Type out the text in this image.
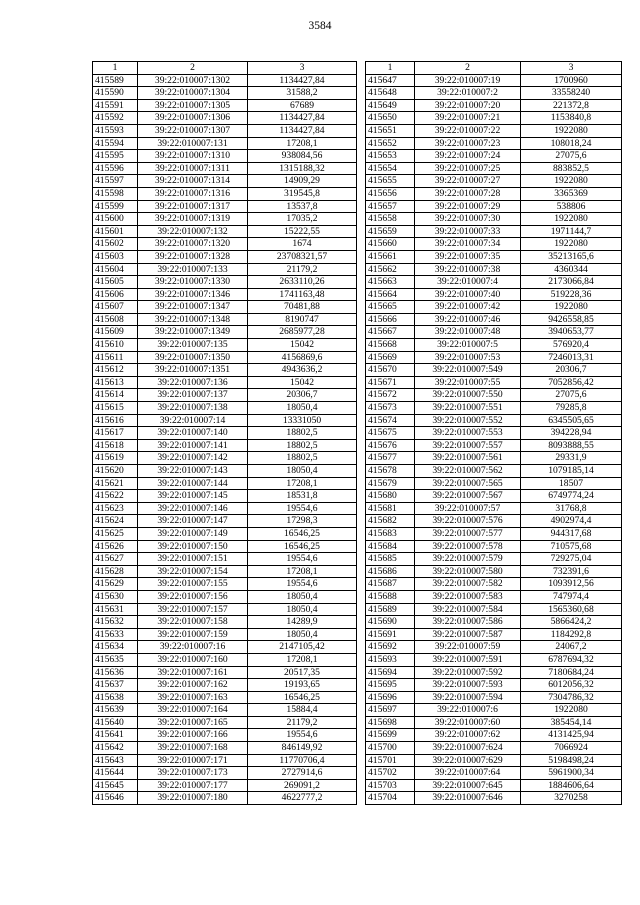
3584
1	2	3
415589	39:22:010007:1302	1134427,84
415590	39:22:010007:1304	31588,2
415591	39:22:010007:1305	67689
415592	39:22:010007:1306	1134427,84
415593	39:22:010007:1307	1134427,84
415594	39:22:010007:131	17208,1
415595	39:22:010007:1310	938084,56
415596	39:22:010007:1311	1315188,32
415597	39:22:010007:1314	14909,29
415598	39:22:010007:1316	319545,8
415599	39:22:010007:1317	13537,8
415600	39:22:010007:1319	17035,2
415601	39:22:010007:132	15222,55
415602	39:22:010007:1320	1674
415603	39:22:010007:1328	23708321,57
415604	39:22:010007:133	21179,2
415605	39:22:010007:1330	2633110,26
415606	39:22:010007:1346	1741163,48
415607	39:22:010007:1347	70481,88
415608	39:22:010007:1348	8190747
415609	39:22:010007:1349	2685977,28
415610	39:22:010007:135	15042
415611	39:22:010007:1350	4156869,6
415612	39:22:010007:1351	4943636,2
415613	39:22:010007:136	15042
415614	39:22:010007:137	20306,7
415615	39:22:010007:138	18050,4
415616	39:22:010007:14	13331050
415617	39:22:010007:140	18802,5
415618	39:22:010007:141	18802,5
415619	39:22:010007:142	18802,5
415620	39:22:010007:143	18050,4
415621	39:22:010007:144	17208,1
415622	39:22:010007:145	18531,8
415623	39:22:010007:146	19554,6
415624	39:22:010007:147	17298,3
415625	39:22:010007:149	16546,25
415626	39:22:010007:150	16546,25
415627	39:22:010007:151	19554,6
415628	39:22:010007:154	17208,1
415629	39:22:010007:155	19554,6
415630	39:22:010007:156	18050,4
415631	39:22:010007:157	18050,4
415632	39:22:010007:158	14289,9
415633	39:22:010007:159	18050,4
415634	39:22:010007:16	2147105,42
415635	39:22:010007:160	17208,1
415636	39:22:010007:161	20517,35
415637	39:22:010007:162	19193,65
415638	39:22:010007:163	16546,25
415639	39:22:010007:164	15884,4
415640	39:22:010007:165	21179,2
415641	39:22:010007:166	19554,6
415642	39:22:010007:168	846149,92
415643	39:22:010007:171	11770706,4
415644	39:22:010007:173	2727914,6
415645	39:22:010007:177	269091,2
415646	39:22:010007:180	4622777,2
1	2	3
415647	39:22:010007:19	1700960
415648	39:22:010007:2	33558240
415649	39:22:010007:20	221372,8
415650	39:22:010007:21	1153840,8
415651	39:22:010007:22	1922080
415652	39:22:010007:23	108018,24
415653	39:22:010007:24	27075,6
415654	39:22:010007:25	883852,5
415655	39:22:010007:27	1922080
415656	39:22:010007:28	3365369
415657	39:22:010007:29	538806
415658	39:22:010007:30	1922080
415659	39:22:010007:33	1971144,7
415660	39:22:010007:34	1922080
415661	39:22:010007:35	35213165,6
415662	39:22:010007:38	4360344
415663	39:22:010007:4	2173066,84
415664	39:22:010007:40	519228,36
415665	39:22:010007:42	1922080
415666	39:22:010007:46	9426558,85
415667	39:22:010007:48	3940653,77
415668	39:22:010007:5	576920,4
415669	39:22:010007:53	7246013,31
415670	39:22:010007:549	20306,7
415671	39:22:010007:55	7052856,42
415672	39:22:010007:550	27075,6
415673	39:22:010007:551	79285,8
415674	39:22:010007:552	6345505,65
415675	39:22:010007:553	394228,94
415676	39:22:010007:557	8093888,55
415677	39:22:010007:561	29331,9
415678	39:22:010007:562	1079185,14
415679	39:22:010007:565	18507
415680	39:22:010007:567	6749774,24
415681	39:22:010007:57	31768,8
415682	39:22:010007:576	4902974,4
415683	39:22:010007:577	944317,68
415684	39:22:010007:578	710575,68
415685	39:22:010007:579	729275,04
415686	39:22:010007:580	732391,6
415687	39:22:010007:582	1093912,56
415688	39:22:010007:583	747974,4
415689	39:22:010007:584	1565360,68
415690	39:22:010007:586	5866424,2
415691	39:22:010007:587	1184292,8
415692	39:22:010007:59	24067,2
415693	39:22:010007:591	6787694,32
415694	39:22:010007:592	7180684,24
415695	39:22:010007:593	6012056,32
415696	39:22:010007:594	7304786,32
415697	39:22:010007:6	1922080
415698	39:22:010007:60	385454,14
415699	39:22:010007:62	4131425,94
415700	39:22:010007:624	7066924
415701	39:22:010007:629	5198498,24
415702	39:22:010007:64	5961900,34
415703	39:22:010007:645	1884606,64
415704	39:22:010007:646	3270258
